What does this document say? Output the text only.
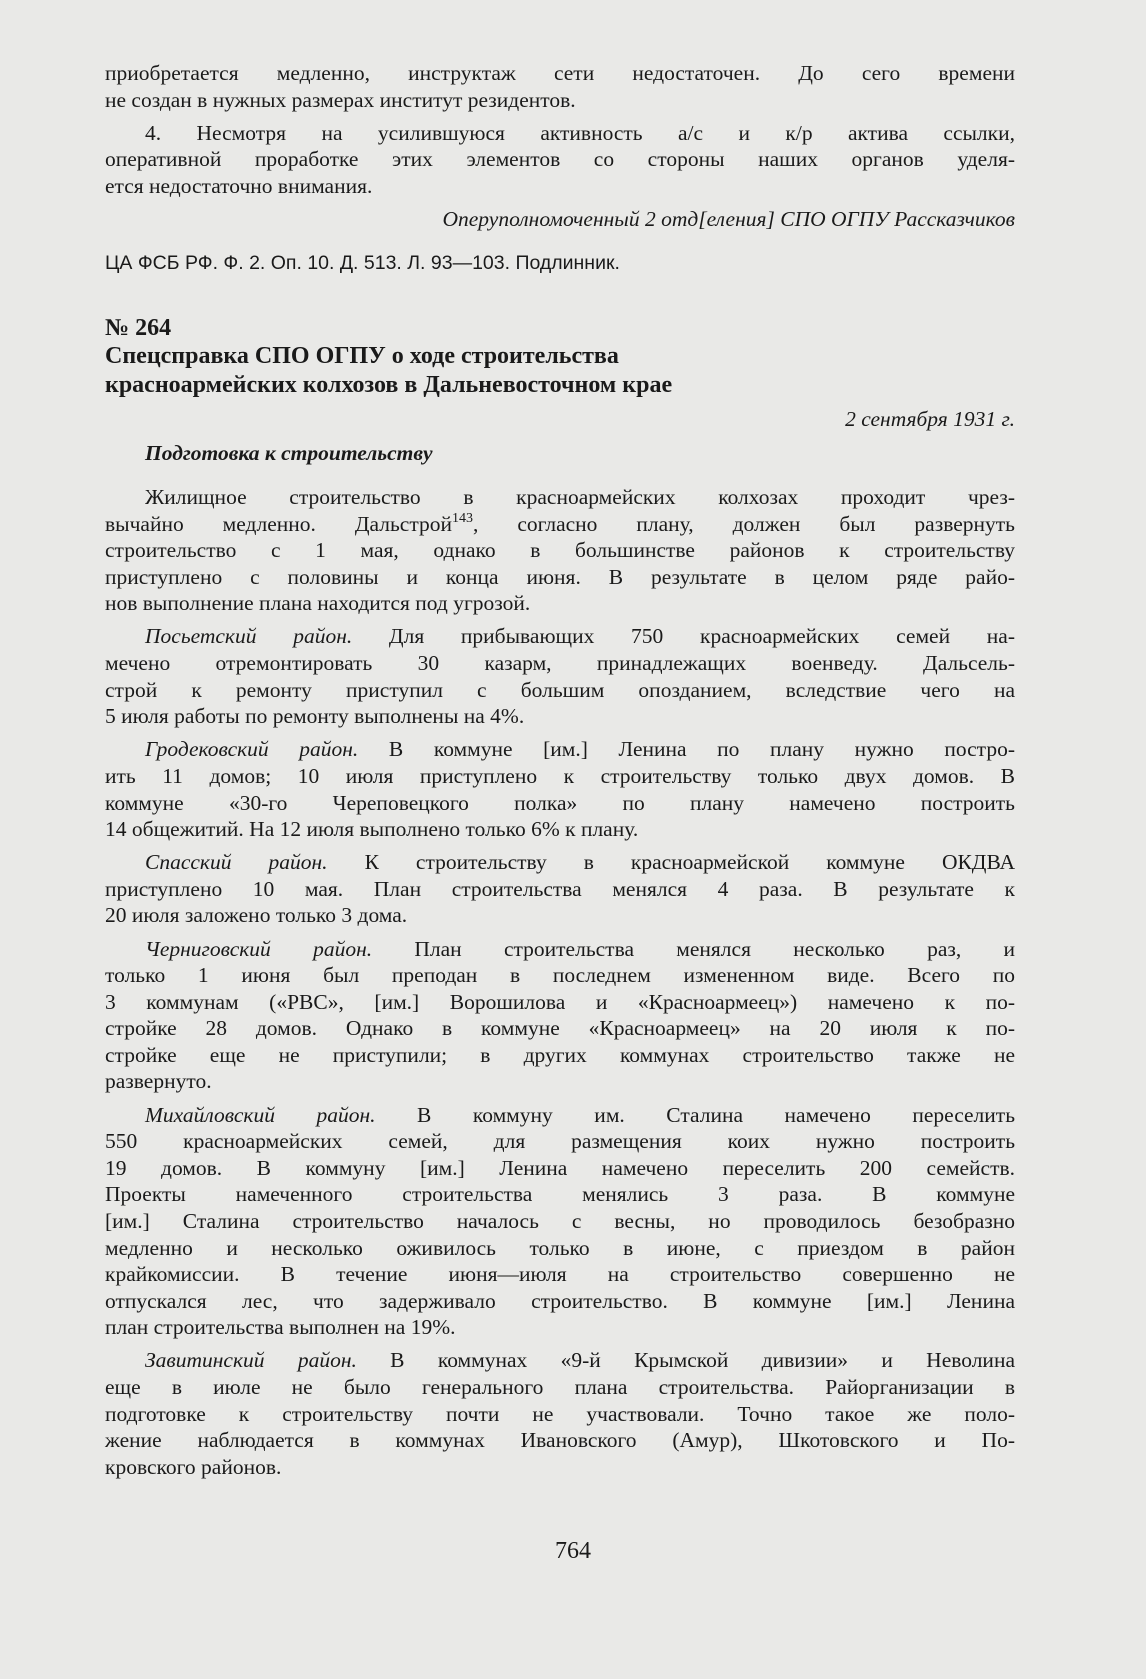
приобретается медленно, инструктаж сети недостаточен. До сего времени
не создан в нужных размерах институт резидентов.
4. Несмотря на усилившуюся активность а/с и к/р актива ссылки,
оперативной проработке этих элементов со стороны наших органов уделя-
ется недостаточно внимания.
Оперуполномоченный 2 отд[еления] СПО ОГПУ Рассказчиков
ЦА ФСБ РФ. Ф. 2. Оп. 10. Д. 513. Л. 93—103. Подлинник.
№ 264
Спецсправка СПО ОГПУ о ходе строительства
красноармейских колхозов в Дальневосточном крае
2 сентября 1931 г.
Подготовка к строительству
Жилищное строительство в красноармейских колхозах проходит чрез-
вычайно медленно. Дальстрой$^{143}$, согласно плану, должен был развернуть
строительство с 1 мая, однако в большинстве районов к строительству
приступлено с половины и конца июня. В результате в целом ряде райо-
нов выполнение плана находится под угрозой.
Посьетский район. Для прибывающих 750 красноармейских семей на-
мечено отремонтировать 30 казарм, принадлежащих военведу. Дальсель-
строй к ремонту приступил с большим опозданием, вследствие чего на
5 июля работы по ремонту выполнены на 4%.
Гродековский район. В коммуне [им.] Ленина по плану нужно постро-
ить 11 домов; 10 июля приступлено к строительству только двух домов. В
коммуне «30-го Череповецкого полка» по плану намечено построить
14 общежитий. На 12 июля выполнено только 6% к плану.
Спасский район. К строительству в красноармейской коммуне ОКДВА
приступлено 10 мая. План строительства менялся 4 раза. В результате к
20 июля заложено только 3 дома.
Черниговский район. План строительства менялся несколько раз, и
только 1 июня был преподан в последнем измененном виде. Всего по
3 коммунам («РВС», [им.] Ворошилова и «Красноармеец») намечено к по-
стройке 28 домов. Однако в коммуне «Красноармеец» на 20 июля к по-
стройке еще не приступили; в других коммунах строительство также не
развернуто.
Михайловский район. В коммуну им. Сталина намечено переселить
550 красноармейских семей, для размещения коих нужно построить
19 домов. В коммуну [им.] Ленина намечено переселить 200 семейств.
Проекты намеченного строительства менялись 3 раза. В коммуне
[им.] Сталина строительство началось с весны, но проводилось безобразно
медленно и несколько оживилось только в июне, с приездом в район
крайкомиссии. В течение июня—июля на строительство совершенно не
отпускался лес, что задерживало строительство. В коммуне [им.] Ленина
план строительства выполнен на 19%.
Завитинский район. В коммунах «9-й Крымской дивизии» и Неволина
еще в июле не было генерального плана строительства. Райорганизации в
подготовке к строительству почти не участвовали. Точно такое же поло-
жение наблюдается в коммунах Ивановского (Амур), Шкотовского и По-
кровского районов.
764
